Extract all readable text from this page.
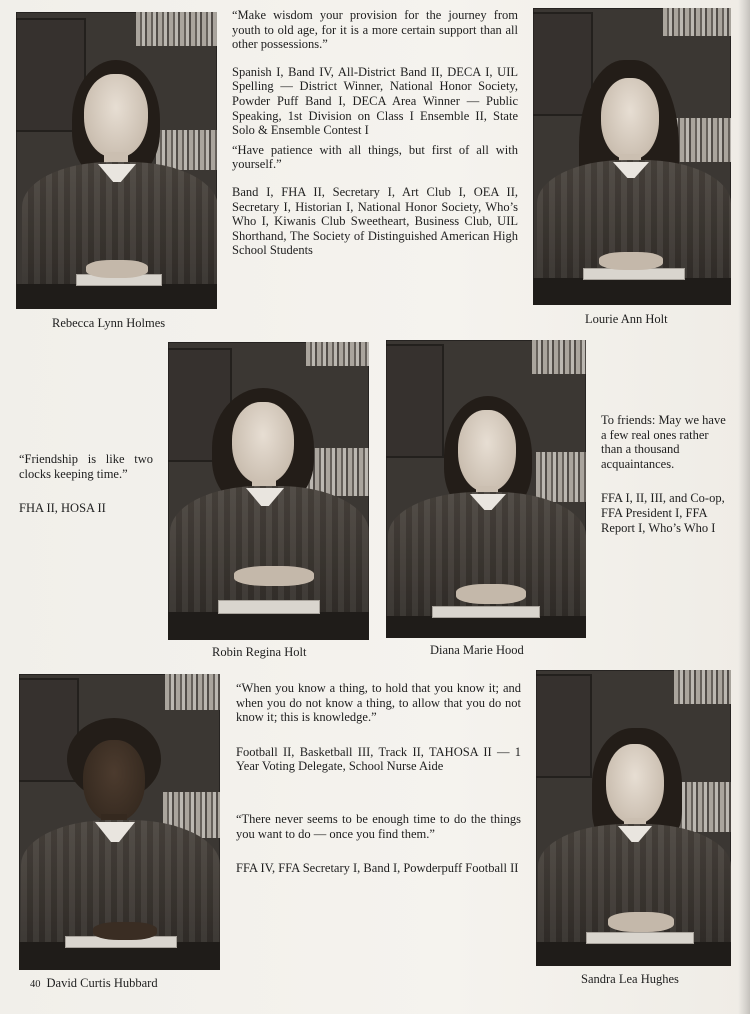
“Make wisdom your provision for the journey from youth to old age, for it is a more certain support than all other possessions.”

Spanish I, Band IV, All-District Band II, DECA I, UIL Spelling — District Winner, National Honor Society, Powder Puff Band I, DECA Area Winner — Public Speaking, 1st Division on Class I Ensemble II, State Solo & Ensemble Contest I

“Have patience with all things, but first of all with yourself.”

Band I, FHA II, Secretary I, Art Club I, OEA II, Secretary I, Historian I, National Honor Society, Who’s Who I, Kiwanis Club Sweetheart, Business Club, UIL Shorthand, The Society of Distinguished American High School Students

Rebecca Lynn Holmes	Lourie Ann Holt

“Friendship is like two clocks keeping time.”

FHA II, HOSA II

Robin Regina Holt	Diana Marie Hood

To friends: May we have a few real ones rather than a thousand acquaintances.

FFA I, II, III, and Co-op, FFA President I, FFA Report I, Who’s Who I

“When you know a thing, to hold that you know it; and when you do not know a thing, to allow that you do not know it; this is knowledge.”

Football II, Basketball III, Track II, TAHOSA II — 1 Year Voting Delegate, School Nurse Aide

“There never seems to be enough time to do the things you want to do — once you find them.”

FFA IV, FFA Secretary I, Band I, Powderpuff Football II

40 David Curtis Hubbard	Sandra Lea Hughes
